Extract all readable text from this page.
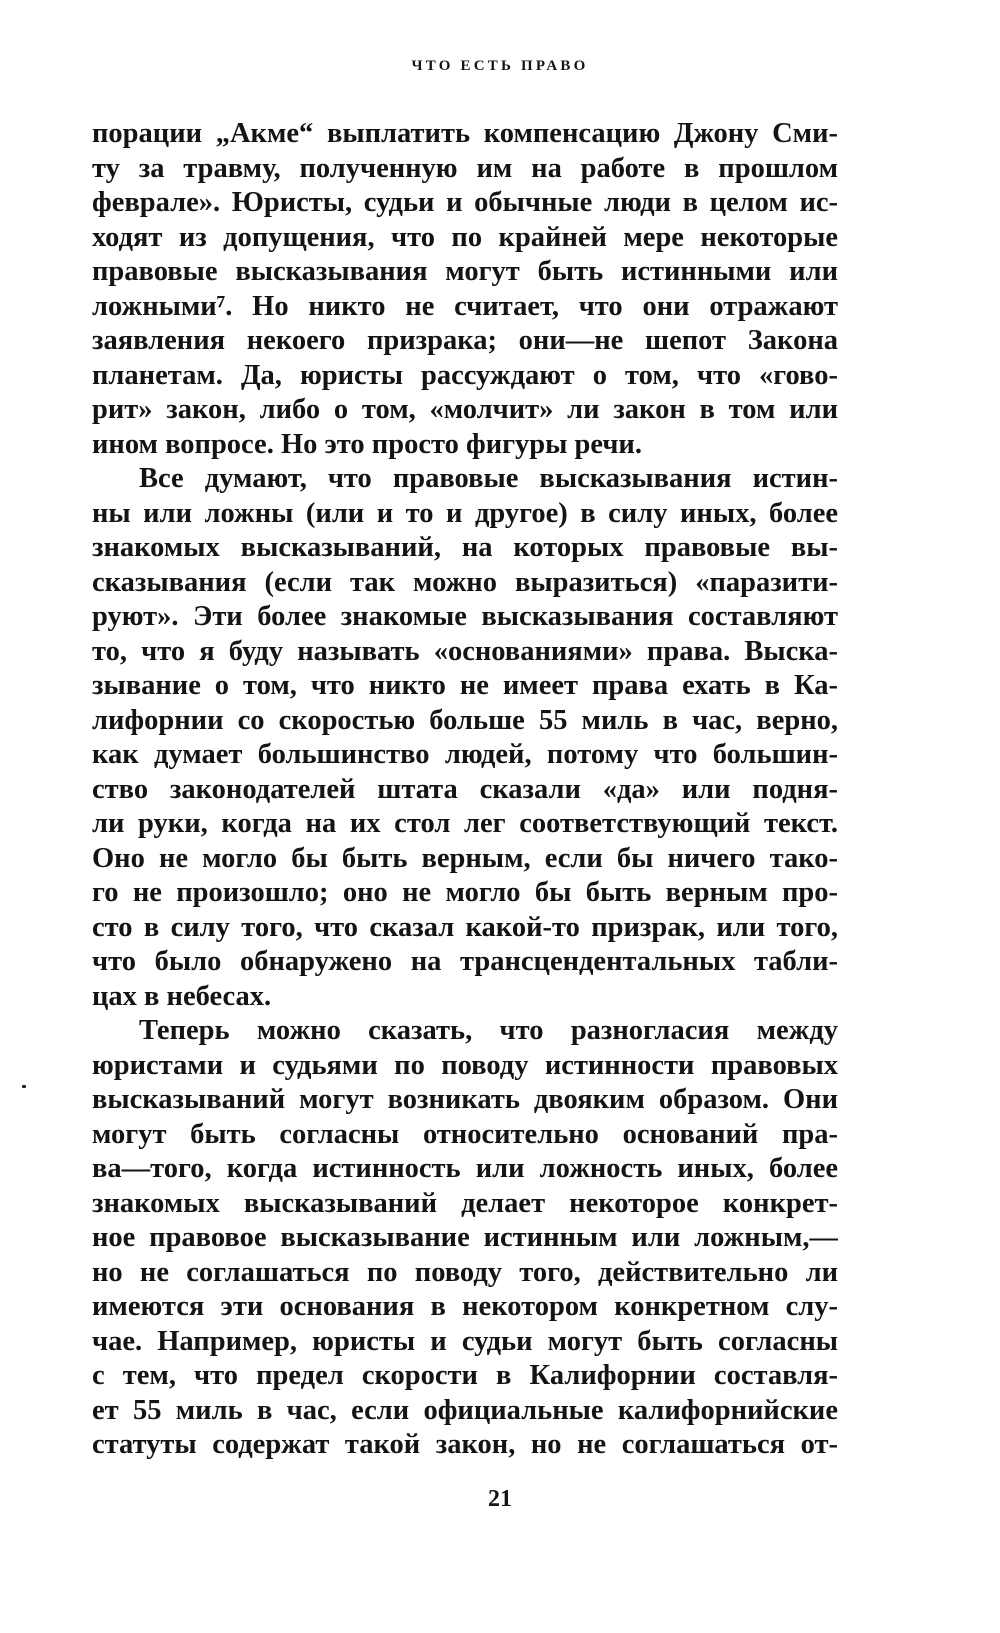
ЧТО ЕСТЬ ПРАВО
порации „Акме“ выплатить компенсацию Джону Сми-
ту за травму, полученную им на работе в прошлом
феврале». Юристы, судьи и обычные люди в целом ис-
ходят из допущения, что по крайней мере некоторые
правовые высказывания могут быть истинными или
ложными⁷. Но никто не считает, что они отражают
заявления некоего призрака; они—не шепот Закона
планетам. Да, юристы рассуждают о том, что «гово-
рит» закон, либо о том, «молчит» ли закон в том или
ином вопросе. Но это просто фигуры речи.
Все думают, что правовые высказывания истин-
ны или ложны (или и то и другое) в силу иных, более
знакомых высказываний, на которых правовые вы-
сказывания (если так можно выразиться) «паразити-
руют». Эти более знакомые высказывания составляют
то, что я буду называть «основаниями» права. Выска-
зывание о том, что никто не имеет права ехать в Ка-
лифорнии со скоростью больше 55 миль в час, верно,
как думает большинство людей, потому что большин-
ство законодателей штата сказали «да» или подня-
ли руки, когда на их стол лег соответствующий текст.
Оно не могло бы быть верным, если бы ничего тако-
го не произошло; оно не могло бы быть верным про-
сто в силу того, что сказал какой-то призрак, или того,
что было обнаружено на трансцендентальных табли-
цах в небесах.
Теперь можно сказать, что разногласия между
юристами и судьями по поводу истинности правовых
высказываний могут возникать двояким образом. Они
могут быть согласны относительно оснований пра-
ва—того, когда истинность или ложность иных, более
знакомых высказываний делает некоторое конкрет-
ное правовое высказывание истинным или ложным,—
но не соглашаться по поводу того, действительно ли
имеются эти основания в некотором конкретном слу-
чае. Например, юристы и судьи могут быть согласны
с тем, что предел скорости в Калифорнии составля-
ет 55 миль в час, если официальные калифорнийские
статуты содержат такой закон, но не соглашаться от-
21
